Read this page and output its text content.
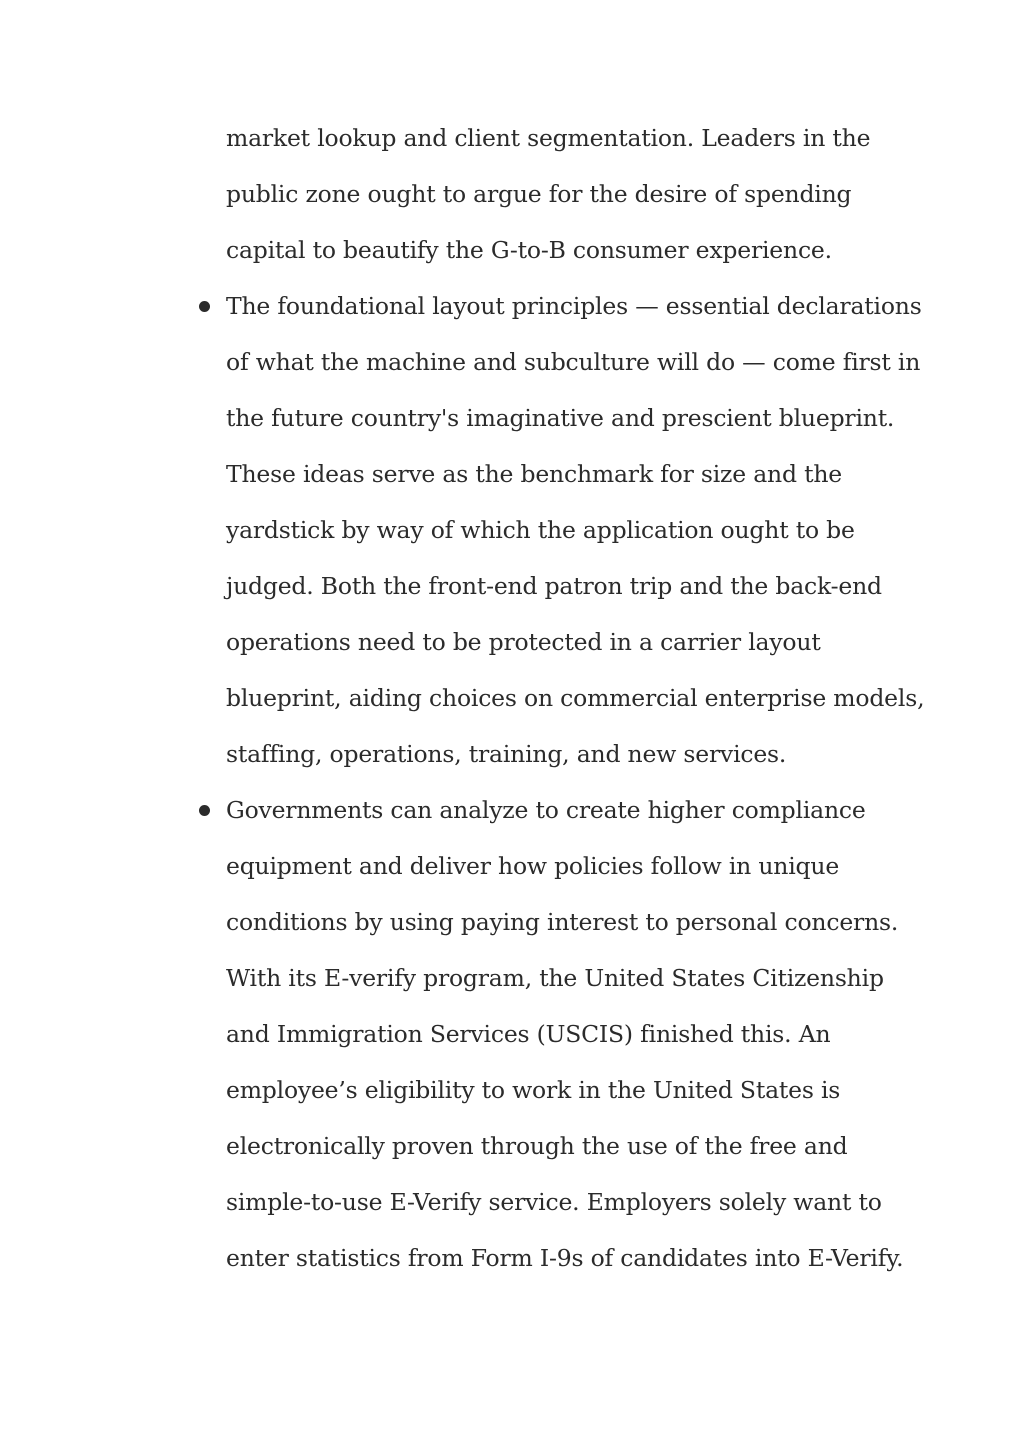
market lookup and client segmentation. Leaders in the
public zone ought to argue for the desire of spending
capital to beautify the G-to-B consumer experience.
The foundational layout principles — essential declarations
of what the machine and subculture will do — come first in
the future country's imaginative and prescient blueprint.
These ideas serve as the benchmark for size and the
yardstick by way of which the application ought to be
judged. Both the front-end patron trip and the back-end
operations need to be protected in a carrier layout
blueprint, aiding choices on commercial enterprise models,
staffing, operations, training, and new services.
Governments can analyze to create higher compliance
equipment and deliver how policies follow in unique
conditions by using paying interest to personal concerns.
With its E-verify program, the United States Citizenship
and Immigration Services (USCIS) finished this. An
employee’s eligibility to work in the United States is
electronically proven through the use of the free and
simple-to-use E-Verify service. Employers solely want to
enter statistics from Form I-9s of candidates into E-Verify.
